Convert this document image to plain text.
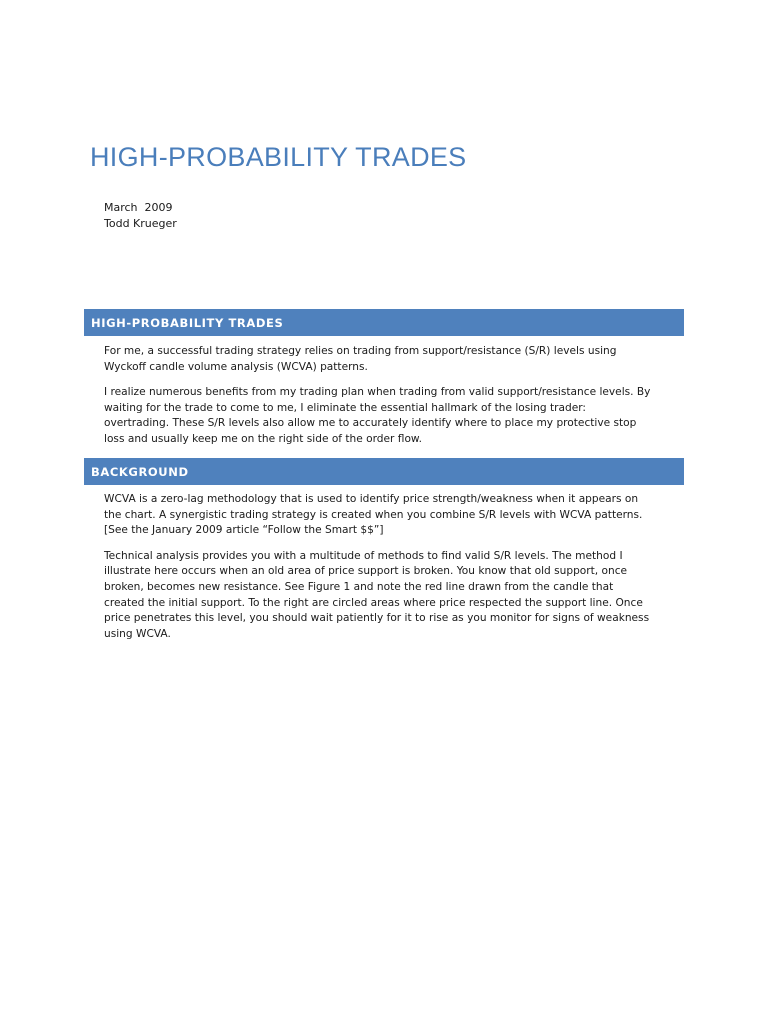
HIGH-PROBABILITY TRADES
March  2009
Todd Krueger
HIGH-PROBABILITY TRADES

For me, a successful trading strategy relies on trading from support/resistance (S/R) levels using
Wyckoff candle volume analysis (WCVA) patterns.

I realize numerous benefits from my trading plan when trading from valid support/resistance levels. By
waiting for the trade to come to me, I eliminate the essential hallmark of the losing trader:
overtrading. These S/R levels also allow me to accurately identify where to place my protective stop
loss and usually keep me on the right side of the order flow.

BACKGROUND

WCVA is a zero-lag methodology that is used to identify price strength/weakness when it appears on
the chart. A synergistic trading strategy is created when you combine S/R levels with WCVA patterns.
[See the January 2009 article “Follow the Smart $$”]

Technical analysis provides you with a multitude of methods to find valid S/R levels. The method I
illustrate here occurs when an old area of price support is broken. You know that old support, once
broken, becomes new resistance. See Figure 1 and note the red line drawn from the candle that
created the initial support. To the right are circled areas where price respected the support line. Once
price penetrates this level, you should wait patiently for it to rise as you monitor for signs of weakness
using WCVA.
